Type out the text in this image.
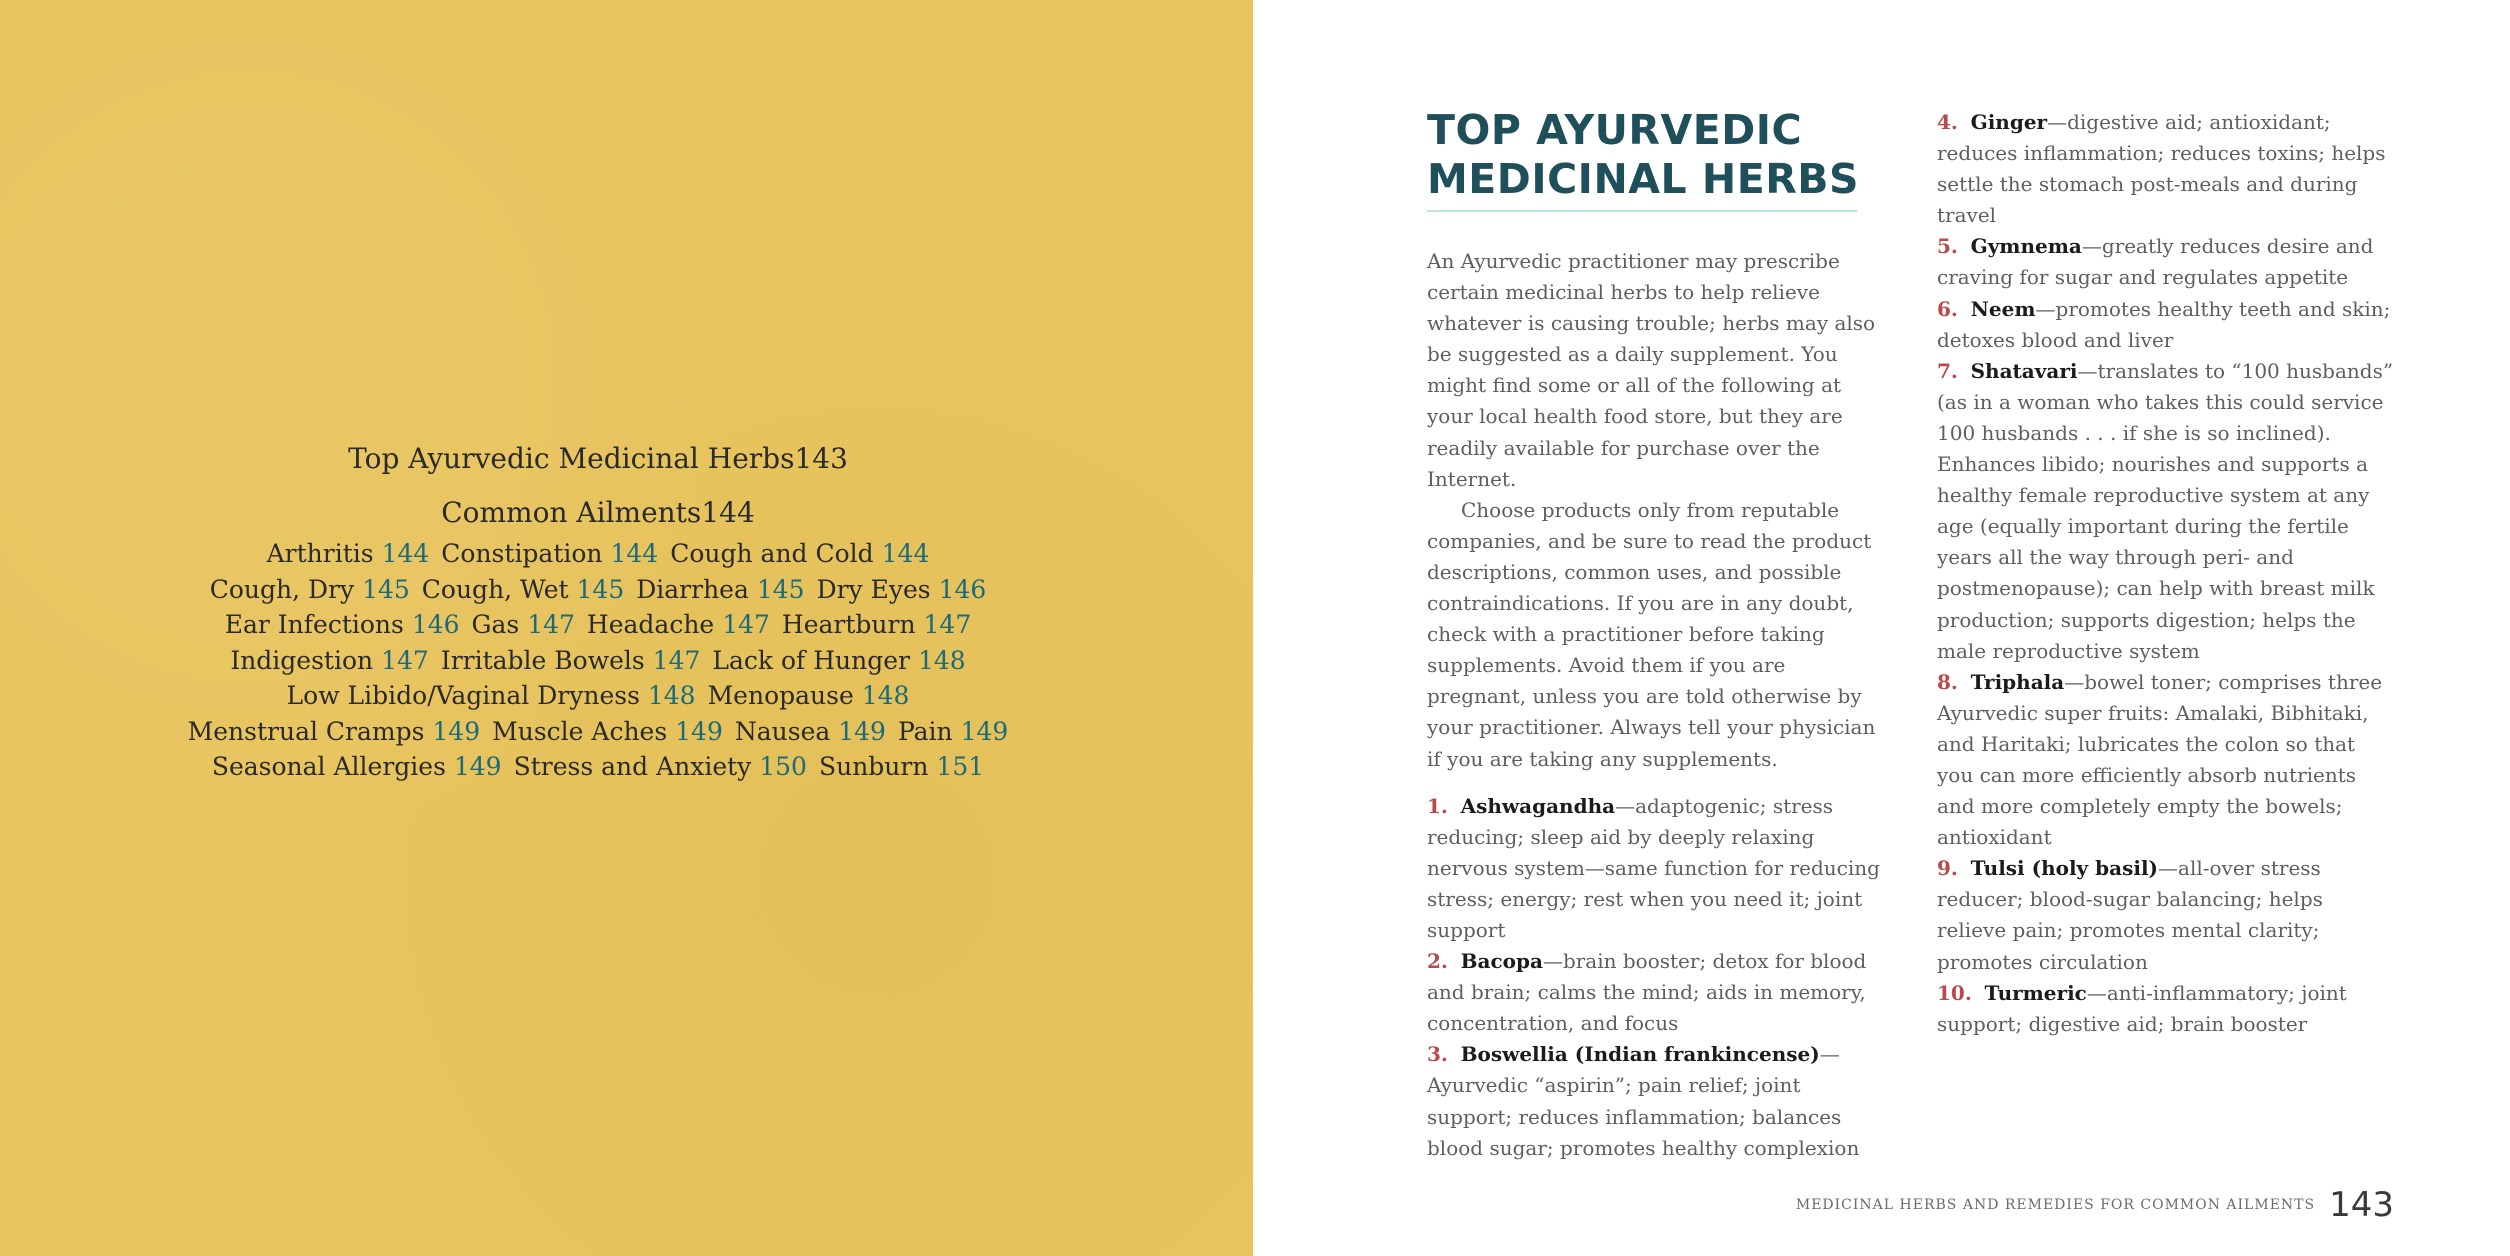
Top Ayurvedic Medicinal Herbs143
Common Ailments144
Arthritis 144 Constipation 144 Cough and Cold 144
Cough, Dry 145 Cough, Wet 145 Diarrhea 145 Dry Eyes 146
Ear Infections 146 Gas 147 Headache 147 Heartburn 147
Indigestion 147 Irritable Bowels 147 Lack of Hunger 148
Low Libido/Vaginal Dryness 148 Menopause 148
Menstrual Cramps 149 Muscle Aches 149 Nausea 149 Pain 149
Seasonal Allergies 149 Stress and Anxiety 150 Sunburn 151
TOP AYURVEDIC
MEDICINAL HERBS

An Ayurvedic practitioner may prescribe certain medicinal herbs to help relieve whatever is causing trouble; herbs may also be suggested as a daily supplement. You might find some or all of the following at your local health food store, but they are readily available for purchase over the Internet.

Choose products only from reputable companies, and be sure to read the product descriptions, common uses, and possible contraindications. If you are in any doubt, check with a practitioner before taking supplements. Avoid them if you are pregnant, unless you are told otherwise by your practitioner. Always tell your physician if you are taking any supplements.

1. Ashwagandha—adaptogenic; stress reducing; sleep aid by deeply relaxing nervous system—same function for reducing stress; energy; rest when you need it; joint support

2. Bacopa—brain booster; detox for blood and brain; calms the mind; aids in memory, concentration, and focus

3. Boswellia (Indian frankincense)—Ayurvedic “aspirin”; pain relief; joint support; reduces inflammation; balances blood sugar; promotes healthy complexion

4. Ginger—digestive aid; antioxidant; reduces inflammation; reduces toxins; helps settle the stomach post-meals and during travel

5. Gymnema—greatly reduces desire and craving for sugar and regulates appetite

6. Neem—promotes healthy teeth and skin; detoxes blood and liver

7. Shatavari—translates to “100 husbands” (as in a woman who takes this could service 100 husbands . . . if she is so inclined). Enhances libido; nourishes and supports a healthy female reproductive system at any age (equally important during the fertile years all the way through peri- and postmenopause); can help with breast milk production; supports digestion; helps the male reproductive system

8. Triphala—bowel toner; comprises three Ayurvedic super fruits: Amalaki, Bibhitaki, and Haritaki; lubricates the colon so that you can more efficiently absorb nutrients and more completely empty the bowels; antioxidant

9. Tulsi (holy basil)—all-over stress reducer; blood-sugar balancing; helps relieve pain; promotes mental clarity; promotes circulation

10. Turmeric—anti-inflammatory; joint support; digestive aid; brain booster

MEDICINAL HERBS AND REMEDIES FOR COMMON AILMENTS 143
